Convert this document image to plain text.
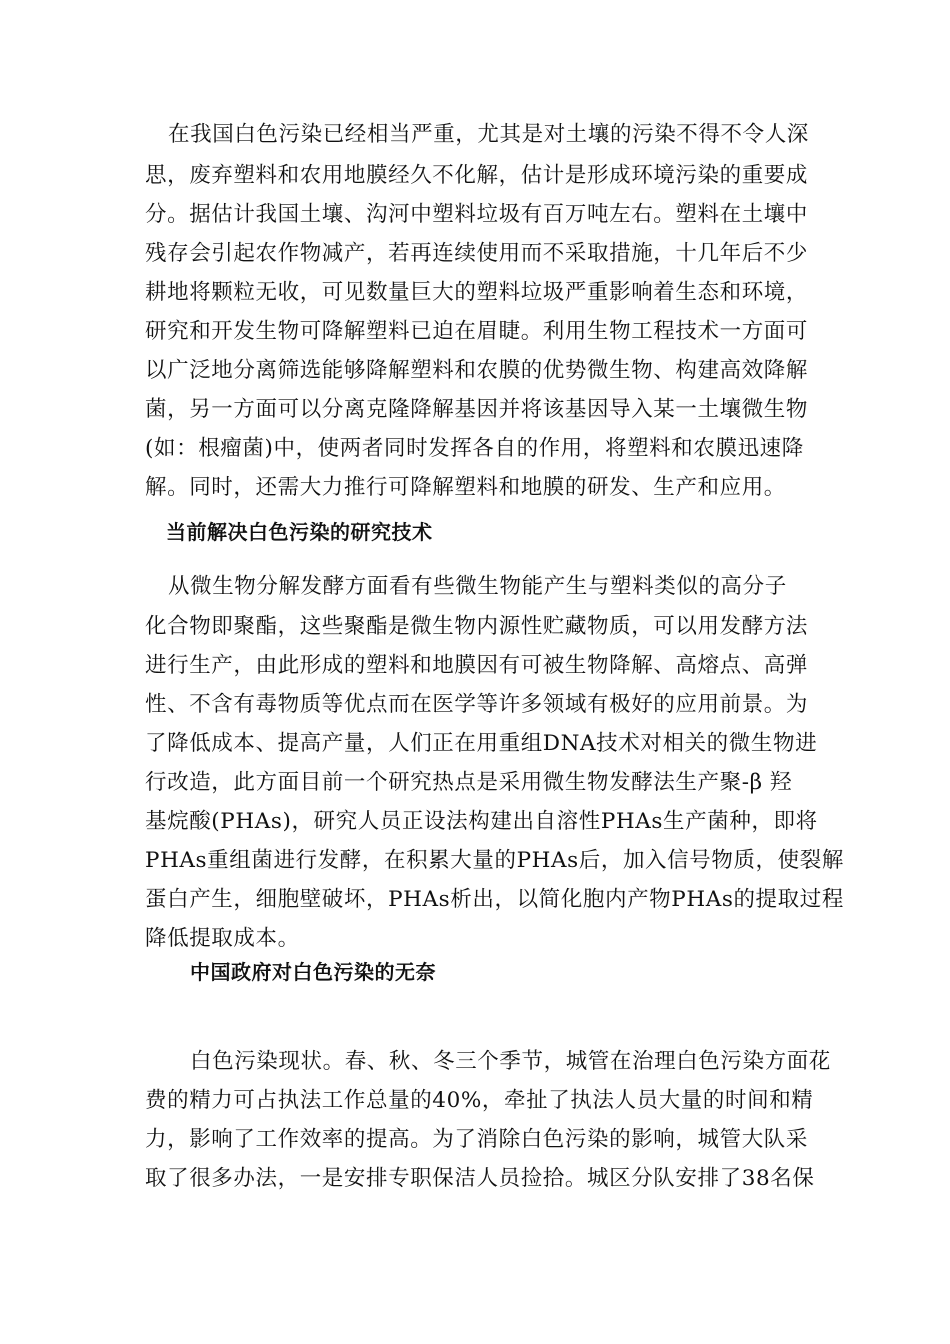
在我国白色污染已经相当严重，尤其是对土壤的污染不得不令人深
思，废弃塑料和农用地膜经久不化解，估计是形成环境污染的重要成
分。据估计我国土壤、沟河中塑料垃圾有百万吨左右。塑料在土壤中
残存会引起农作物减产，若再连续使用而不采取措施，十几年后不少
耕地将颗粒无收，可见数量巨大的塑料垃圾严重影响着生态和环境，
研究和开发生物可降解塑料已迫在眉睫。利用生物工程技术一方面可
以广泛地分离筛选能够降解塑料和农膜的优势微生物、构建高效降解
菌，另一方面可以分离克隆降解基因并将该基因导入某一土壤微生物
(如：根瘤菌)中，使两者同时发挥各自的作用，将塑料和农膜迅速降
解。同时，还需大力推行可降解塑料和地膜的研发、生产和应用。
当前解决白色污染的研究技术
从微生物分解发酵方面看有些微生物能产生与塑料类似的高分子
化合物即聚酯，这些聚酯是微生物内源性贮藏物质，可以用发酵方法
进行生产，由此形成的塑料和地膜因有可被生物降解、高熔点、高弹
性、不含有毒物质等优点而在医学等许多领域有极好的应用前景。为
了降低成本、提高产量，人们正在用重组DNA技术对相关的微生物进
行改造，此方面目前一个研究热点是采用微生物发酵法生产聚-β 羟
基烷酸(PHAs)，研究人员正设法构建出自溶性PHAs生产菌种，即将
PHAs重组菌进行发酵，在积累大量的PHAs后，加入信号物质，使裂解
蛋白产生，细胞壁破坏，PHAs析出，以简化胞内产物PHAs的提取过程
降低提取成本。
中国政府对白色污染的无奈
白色污染现状。春、秋、冬三个季节，城管在治理白色污染方面花
费的精力可占执法工作总量的40%，牵扯了执法人员大量的时间和精
力，影响了工作效率的提高。为了消除白色污染的影响，城管大队采
取了很多办法，一是安排专职保洁人员捡拾。城区分队安排了38名保
